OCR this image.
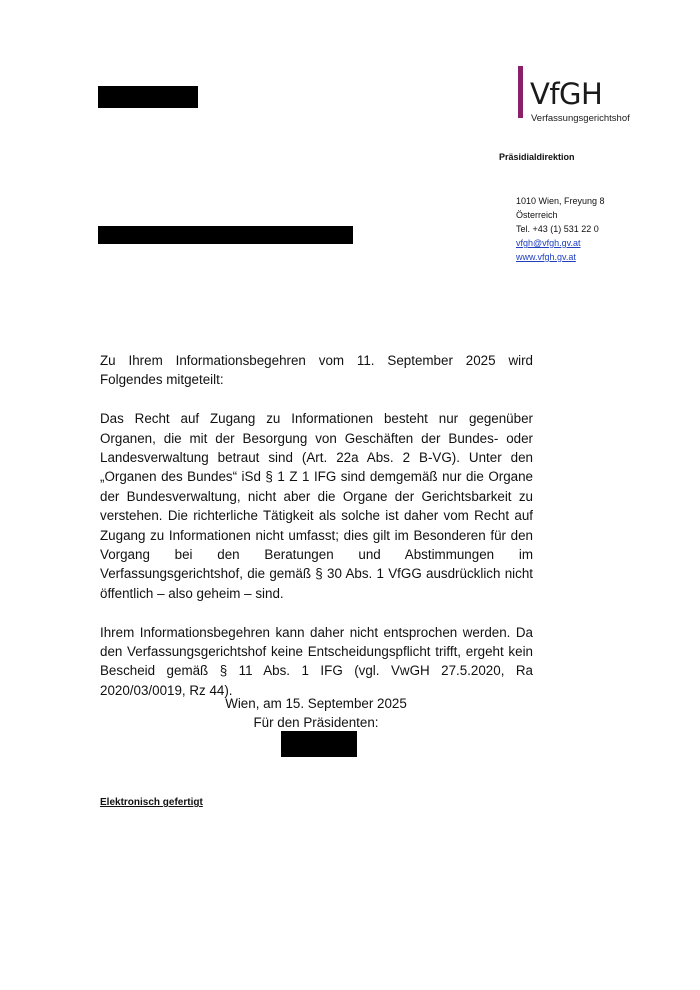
VfGH
Verfassungsgerichtshof
Präsidialdirektion
1010 Wien, Freyung 8
Österreich
Tel. +43 (1) 531 22 0
vfgh@vfgh.gv.at
www.vfgh.gv.at

Zu Ihrem Informationsbegehren vom 11. September 2025 wird Folgendes mitgeteilt:

Das Recht auf Zugang zu Informationen besteht nur gegenüber Organen, die mit der Besorgung von Geschäften der Bundes- oder Landesverwaltung betraut sind (Art. 22a Abs. 2 B-VG). Unter den „Organen des Bundes“ iSd § 1 Z 1 IFG sind demgemäß nur die Organe der Bundesverwaltung, nicht aber die Organe der Gerichtsbarkeit zu verstehen. Die richterliche Tätigkeit als solche ist daher vom Recht auf Zugang zu Informationen nicht umfasst; dies gilt im Besonderen für den Vorgang bei den Beratungen und Abstimmungen im Verfassungsgerichtshof, die gemäß § 30 Abs. 1 VfGG ausdrücklich nicht öffentlich – also geheim – sind.

Ihrem Informationsbegehren kann daher nicht entsprochen werden. Da den Verfassungsgerichtshof keine Entscheidungspflicht trifft, ergeht kein Bescheid gemäß § 11 Abs. 1 IFG (vgl. VwGH 27.5.2020, Ra 2020/03/0019, Rz 44).

Wien, am 15. September 2025
Für den Präsidenten:
Elektronisch gefertigt
